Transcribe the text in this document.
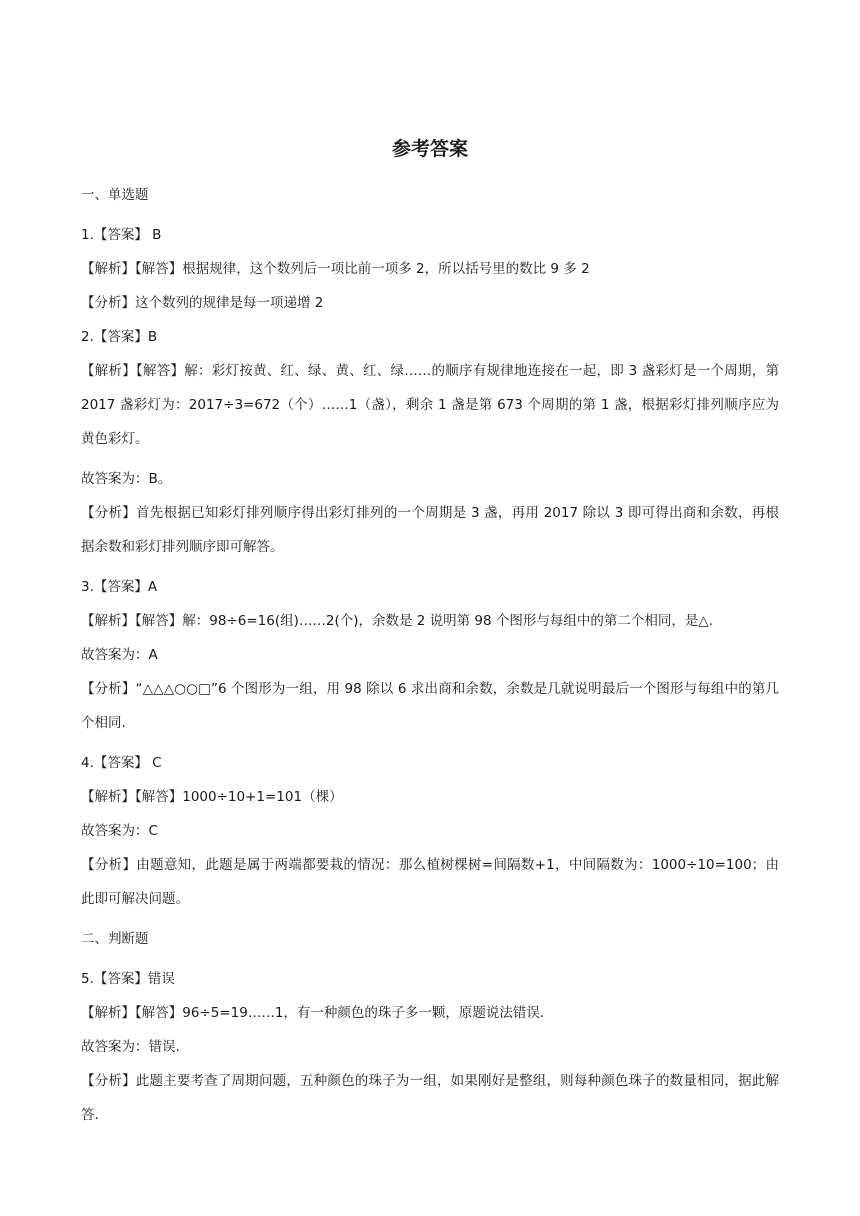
参考答案
一、单选题
1.【答案】 B
【解析】【解答】根据规律，这个数列后一项比前一项多 2，所以括号里的数比 9 多 2
【分析】这个数列的规律是每一项递增 2
2.【答案】B
【解析】【解答】解：彩灯按黄、红、绿、黄、红、绿……的顺序有规律地连接在一起，即 3 盏彩灯是一个周期，第 2017 盏彩灯为：2017÷3=672（个）……1（盏），剩余 1 盏是第 673 个周期的第 1 盏，根据彩灯排列顺序应为黄色彩灯。
故答案为：B。
【分析】首先根据已知彩灯排列顺序得出彩灯排列的一个周期是 3 盏，再用 2017 除以 3 即可得出商和余数，再根据余数和彩灯排列顺序即可解答。
3.【答案】A
【解析】【解答】解：98÷6=16(组)……2(个)，余数是 2 说明第 98 个图形与每组中的第二个相同，是△.
故答案为：A
【分析】“△△△○○□”6 个图形为一组，用 98 除以 6 求出商和余数，余数是几就说明最后一个图形与每组中的第几个相同.
4.【答案】 C
【解析】【解答】1000÷10+1=101（棵）
故答案为：C
【分析】由题意知，此题是属于两端都要栽的情况：那么植树棵树=间隔数+1，中间隔数为：1000÷10=100；由此即可解决问题。
二、判断题
5.【答案】错误
【解析】【解答】96÷5=19……1，有一种颜色的珠子多一颗，原题说法错误.
故答案为：错误.
【分析】此题主要考查了周期问题，五种颜色的珠子为一组，如果刚好是整组，则每种颜色珠子的数量相同，据此解答.
